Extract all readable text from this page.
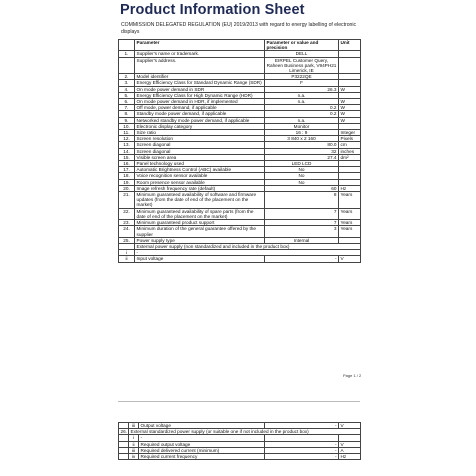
Product Information Sheet
COMMISSION DELEGATED REGULATION (EU) 2019/2013 with regard to energy labelling of electronic displays
	Parameter	Parameter or value and precision	Unit
1.	Supplier's name or trademark.	DELL	
	Supplier's address.	EIRPEL Customer Query, Raheen Business park, V94PH21 Limerick, IE	
2.	Model identifier	P3222QE	
3.	Energy Efficiency Class for Standard Dynamic Range (SDR)	F	
4.	On mode power demand in SDR	26.3	W
5.	Energy Efficiency Class for High Dynamic Range (HDR)	n.a.	
6.	On mode power demand in HDR, if implemented	n.a.	W
7.	Off mode, power demand, if applicable	0.2	W
8.	Standby mode power demand, if applicable	0.2	W
9.	Networked standby mode power demand, if applicable	n.a.	W
10.	Electronic display category	Monitor	
11.	Size ratio	16 : 9	Integer
12.	Screen resolution	3 840 x 2 160	Pixels
13.	Screen diagonal	80.0	cm
14.	Screen diagonal	32	inches
15.	Visible screen area	27.4	dm²
16.	Panel technology used	LED LCD	
17.	Automatic Brightness Control (ABC) available	No	
18.	Voice recognition sensor available	No	
19.	Room presence sensor available	No	
20.	Image refresh frequency rate (default)	60	Hz
21.	Minimum guaranteed availability of software and firmware updates (from the date of end of the placement on the market)	8	Years
22.	Minimum guaranteed availability of spare parts (from the date of end of the placement on the market)	7	Years
23.	Minimum guaranteed product support	7	Years
24.	Minimum duration of the general guarantee offered by the supplier	3	Years
25.	Power supply type	Internal	
	External power supply (non standardized and included in the product box)		
i	-		
ii	Input voltage	-	V
Page 1 / 2
	iii	Output voltage	-	V
26.	External standardized power supply (or suitable one if not included in the product box)			
	i	-		
	ii	Required output voltage	-	V
	iii	Required delivered current (minimum)	-	A
	iv	Required current frequency	-	Hz
